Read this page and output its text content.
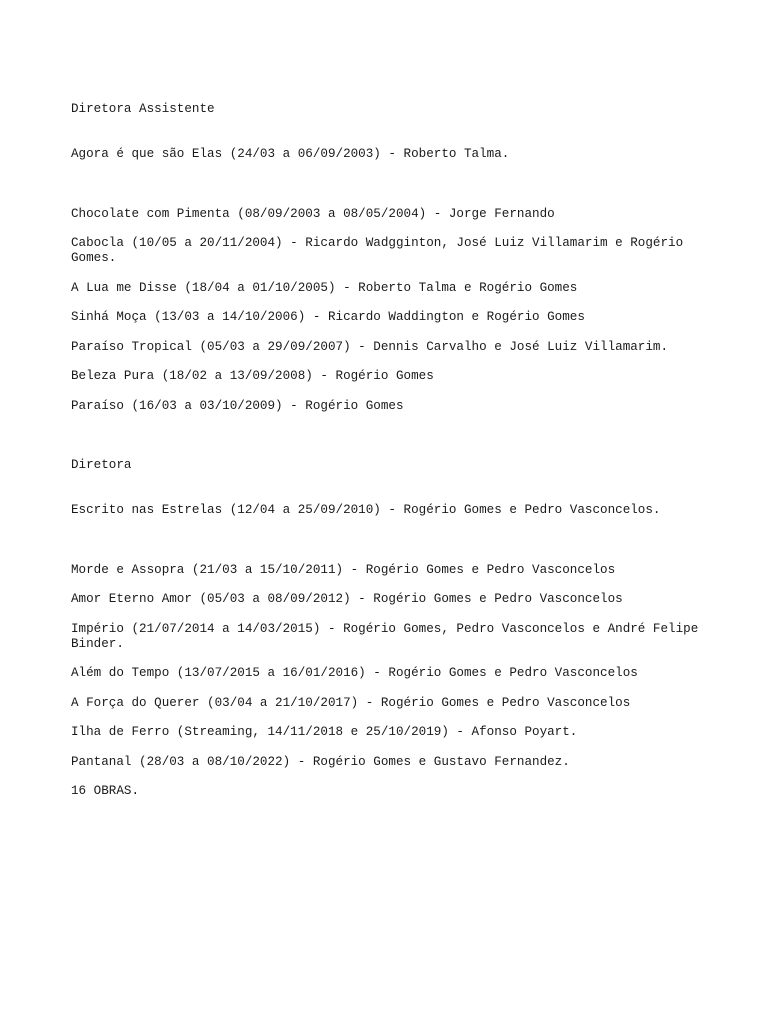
Diretora Assistente

Agora é que são Elas (24/03 a 06/09/2003) - Roberto Talma.

Chocolate com Pimenta (08/09/2003 a 08/05/2004) - Jorge Fernando
Cabocla (10/05 a 20/11/2004) - Ricardo Wadgginton, José Luiz Villamarim e Rogério Gomes.
A Lua me Disse (18/04 a 01/10/2005) - Roberto Talma e Rogério Gomes
Sinhá Moça (13/03 a 14/10/2006) - Ricardo Waddington e Rogério Gomes
Paraíso Tropical (05/03 a 29/09/2007) - Dennis Carvalho e José Luiz Villamarim.
Beleza Pura (18/02 a 13/09/2008) - Rogério Gomes
Paraíso (16/03 a 03/10/2009) - Rogério Gomes

Diretora

Escrito nas Estrelas (12/04 a 25/09/2010) - Rogério Gomes e Pedro Vasconcelos.

Morde e Assopra (21/03 a 15/10/2011) - Rogério Gomes e Pedro Vasconcelos
Amor Eterno Amor (05/03 a 08/09/2012) - Rogério Gomes e Pedro Vasconcelos
Império (21/07/2014 a 14/03/2015) - Rogério Gomes, Pedro Vasconcelos e André Felipe Binder.
Além do Tempo (13/07/2015 a 16/01/2016) - Rogério Gomes e Pedro Vasconcelos
A Força do Querer (03/04 a 21/10/2017) - Rogério Gomes e Pedro Vasconcelos
Ilha de Ferro (Streaming, 14/11/2018 e 25/10/2019) - Afonso Poyart.
Pantanal (28/03 a 08/10/2022) - Rogério Gomes e Gustavo Fernandez.
16 OBRAS.
